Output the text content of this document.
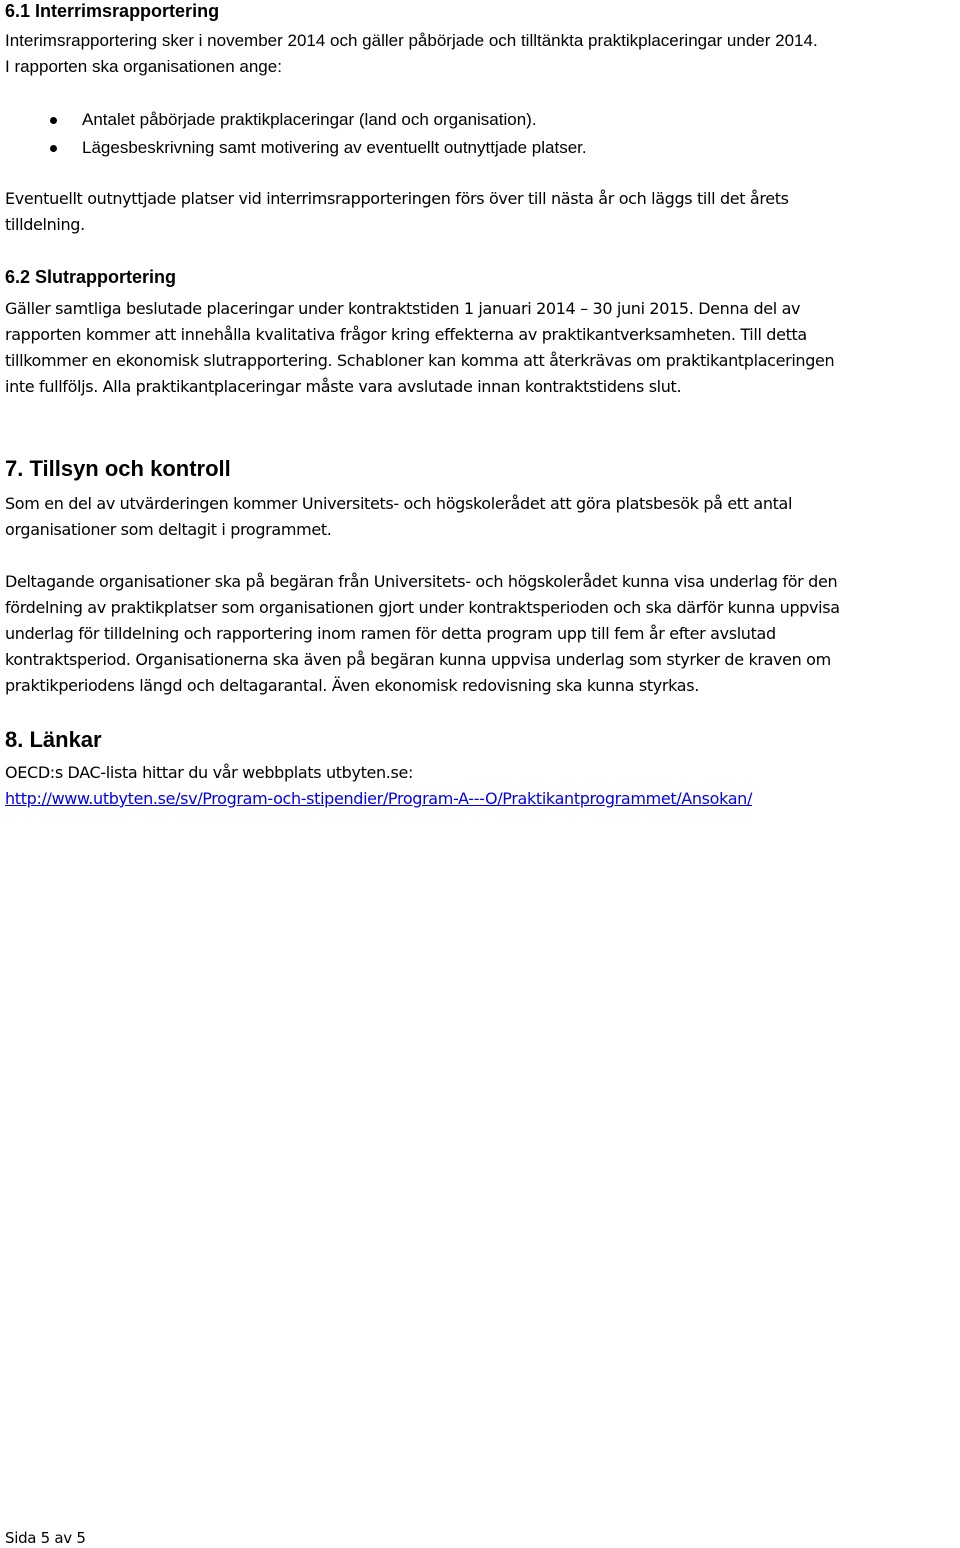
6.1 Interrimsrapportering

Interimsrapportering sker i november 2014 och gäller påbörjade och tilltänkta praktikplaceringar under 2014.

I rapporten ska organisationen ange:

Antalet påbörjade praktikplaceringar (land och organisation).
Lägesbeskrivning samt motivering av eventuellt outnyttjade platser.

Eventuellt outnyttjade platser vid interrimsrapporteringen förs över till nästa år och läggs till det årets

tilldelning.

6.2 Slutrapportering

Gäller samtliga beslutade placeringar under kontraktstiden 1 januari 2014 – 30 juni 2015. Denna del av

rapporten kommer att innehålla kvalitativa frågor kring effekterna av praktikantverksamheten. Till detta

tillkommer en ekonomisk slutrapportering. Schabloner kan komma att återkrävas om praktikantplaceringen

inte fullföljs. Alla praktikantplaceringar måste vara avslutade innan kontraktstidens slut.

7. Tillsyn och kontroll

Som en del av utvärderingen kommer Universitets- och högskolerådet att göra platsbesök på ett antal

organisationer som deltagit i programmet.

Deltagande organisationer ska på begäran från Universitets- och högskolerådet kunna visa underlag för den

fördelning av praktikplatser som organisationen gjort under kontraktsperioden och ska därför kunna uppvisa

underlag för tilldelning och rapportering inom ramen för detta program upp till fem år efter avslutad

kontraktsperiod. Organisationerna ska även på begäran kunna uppvisa underlag som styrker de kraven om

praktikperiodens längd och deltagarantal. Även ekonomisk redovisning ska kunna styrkas.

8. Länkar

OECD:s DAC-lista hittar du vår webbplats utbyten.se:

http://www.utbyten.se/sv/Program-och-stipendier/Program-A---O/Praktikantprogrammet/Ansokan/

Sida 5 av 5
